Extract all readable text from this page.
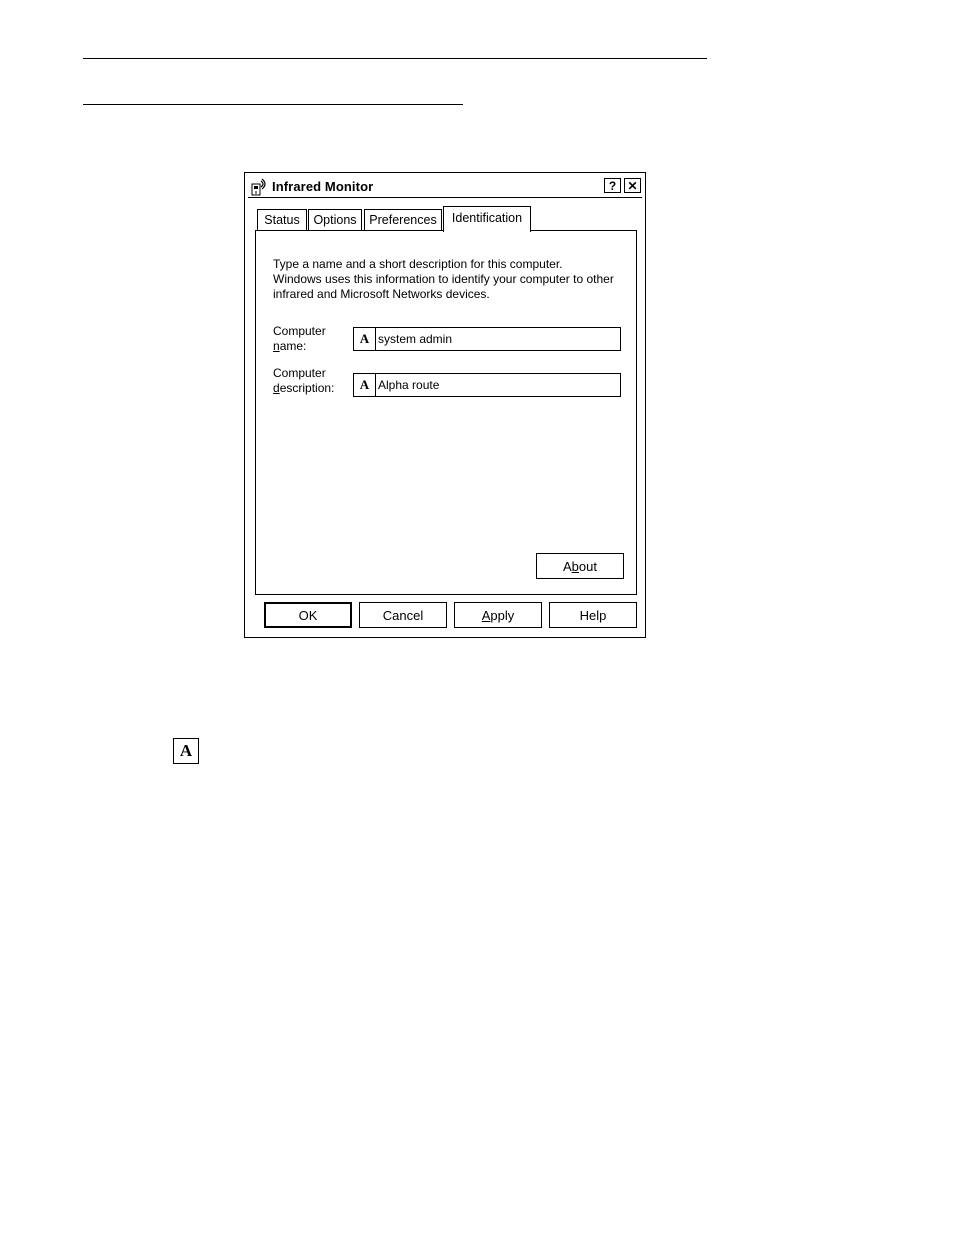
Infrared Monitor	? ✕
Status	Options	Preferences	Identification

Type a name and a short description for this computer.

Windows uses this information to identify your computer to other

infrared and Microsoft Networks devices.

Computer
name:	A
system admin
Computer
description:	A
Alpha route
A b out
OK	Cancel	A pply	Help
A
